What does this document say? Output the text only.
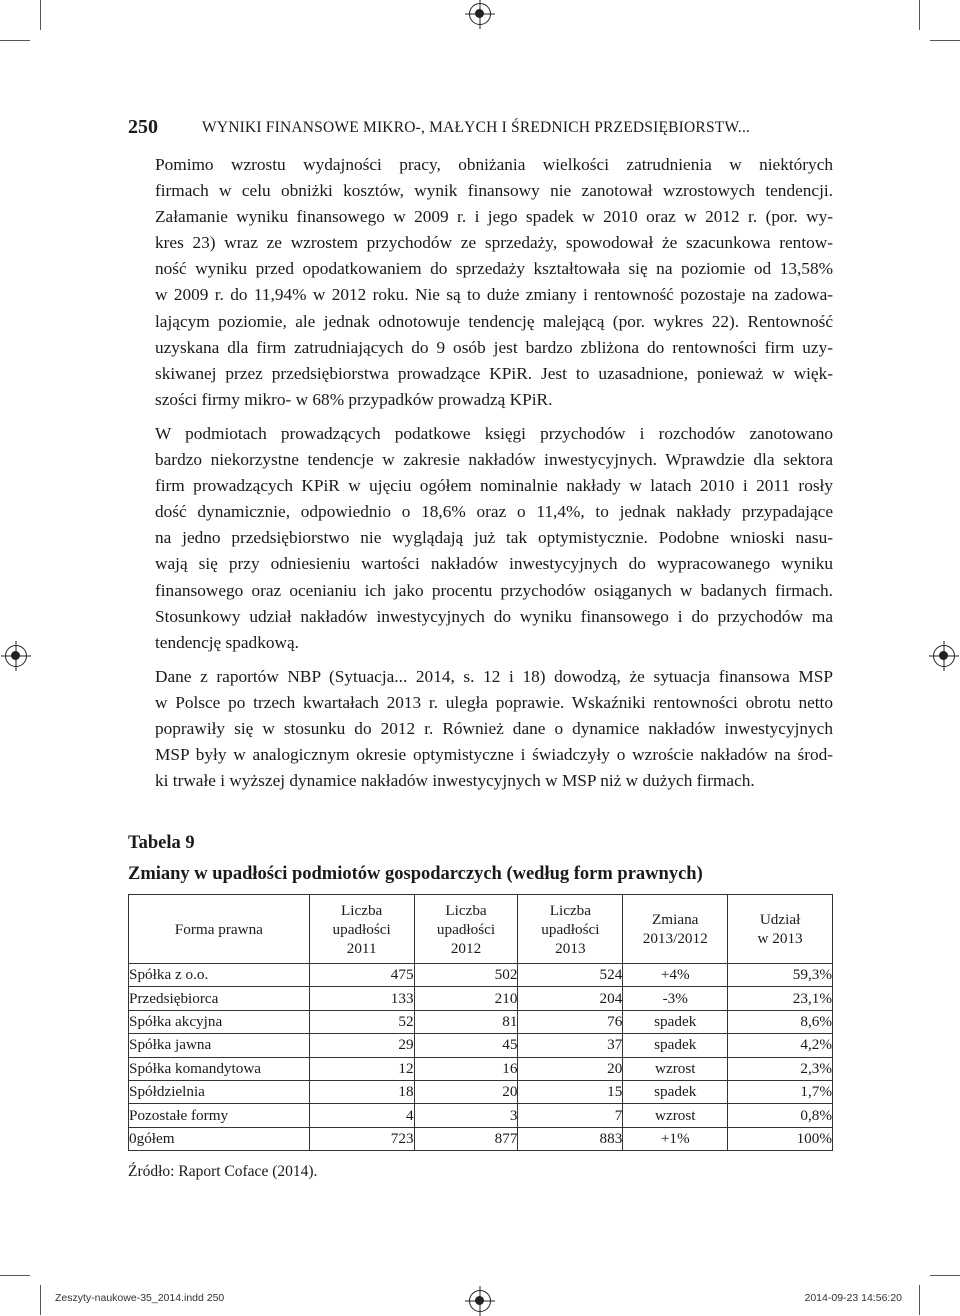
250	WYNIKI FINANSOWE MIKRO-, MAŁYCH I ŚREDNICH PRZEDSIĘBIORSTW...

Pomimo wzrostu wydajności pracy, obniżania wielkości zatrudnienia w niektórych
firmach w celu obniżki kosztów, wynik finansowy nie zanotował wzrostowych tendencji.
Załamanie wyniku finansowego w 2009 r. i jego spadek w 2010 oraz w 2012 r. (por. wy-
kres 23) wraz ze wzrostem przychodów ze sprzedaży, spowodował że szacunkowa rentow-
ność wyniku przed opodatkowaniem do sprzedaży kształtowała się na poziomie od 13,58%
w 2009 r. do 11,94% w 2012 roku. Nie są to duże zmiany i rentowność pozostaje na zadowa-
lającym poziomie, ale jednak odnotowuje tendencję malejącą (por. wykres 22). Rentowność
uzyskana dla firm zatrudniających do 9 osób jest bardzo zbliżona do rentowności firm uzy-
skiwanej przez przedsiębiorstwa prowadzące KPiR. Jest to uzasadnione, ponieważ w więk-
szości firmy mikro- w 68% przypadków prowadzą KPiR.

W podmiotach prowadzących podatkowe księgi przychodów i rozchodów zanotowano
bardzo niekorzystne tendencje w zakresie nakładów inwestycyjnych. Wprawdzie dla sektora
firm prowadzących KPiR w ujęciu ogółem nominalnie nakłady w latach 2010 i 2011 rosły
dość dynamicznie, odpowiednio o 18,6% oraz o 11,4%, to jednak nakłady przypadające
na jedno przedsiębiorstwo nie wyglądają już tak optymistycznie. Podobne wnioski nasu-
wają się przy odniesieniu wartości nakładów inwestycyjnych do wypracowanego wyniku
finansowego oraz ocenianiu ich jako procentu przychodów osiąganych w badanych firmach.
Stosunkowy udział nakładów inwestycyjnych do wyniku finansowego i do przychodów ma
tendencję spadkową.

Dane z raportów NBP (Sytuacja... 2014, s. 12 i 18) dowodzą, że sytuacja finansowa MSP
w Polsce po trzech kwartałach 2013 r. uległa poprawie. Wskaźniki rentowności obrotu netto
poprawiły się w stosunku do 2012 r. Również dane o dynamice nakładów inwestycyjnych
MSP były w analogicznym okresie optymistyczne i świadczyły o wzroście nakładów na środ-
ki trwałe i wyższej dynamice nakładów inwestycyjnych w MSP niż w dużych firmach.

Tabela 9
Zmiany w upadłości podmiotów gospodarczych (według form prawnych)
Forma prawna	Liczba
upadłości
2011	Liczba
upadłości
2012	Liczba
upadłości
2013	Zmiana
2013/2012	Udział
w 2013
Spółka z o.o.	475	502	524	+4%	59,3%
Przedsiębiorca	133	210	204	-3%	23,1%
Spółka akcyjna	52	81	76	spadek	8,6%
Spółka jawna	29	45	37	spadek	4,2%
Spółka komandytowa	12	16	20	wzrost	2,3%
Spółdzielnia	18	20	15	spadek	1,7%
Pozostałe formy	4	3	7	wzrost	0,8%
0gółem	723	877	883	+1%	100%
Źródło: Raport Coface (2014).
Zeszyty-naukowe-35_2014.indd 250	2014-09-23 14:56:20
